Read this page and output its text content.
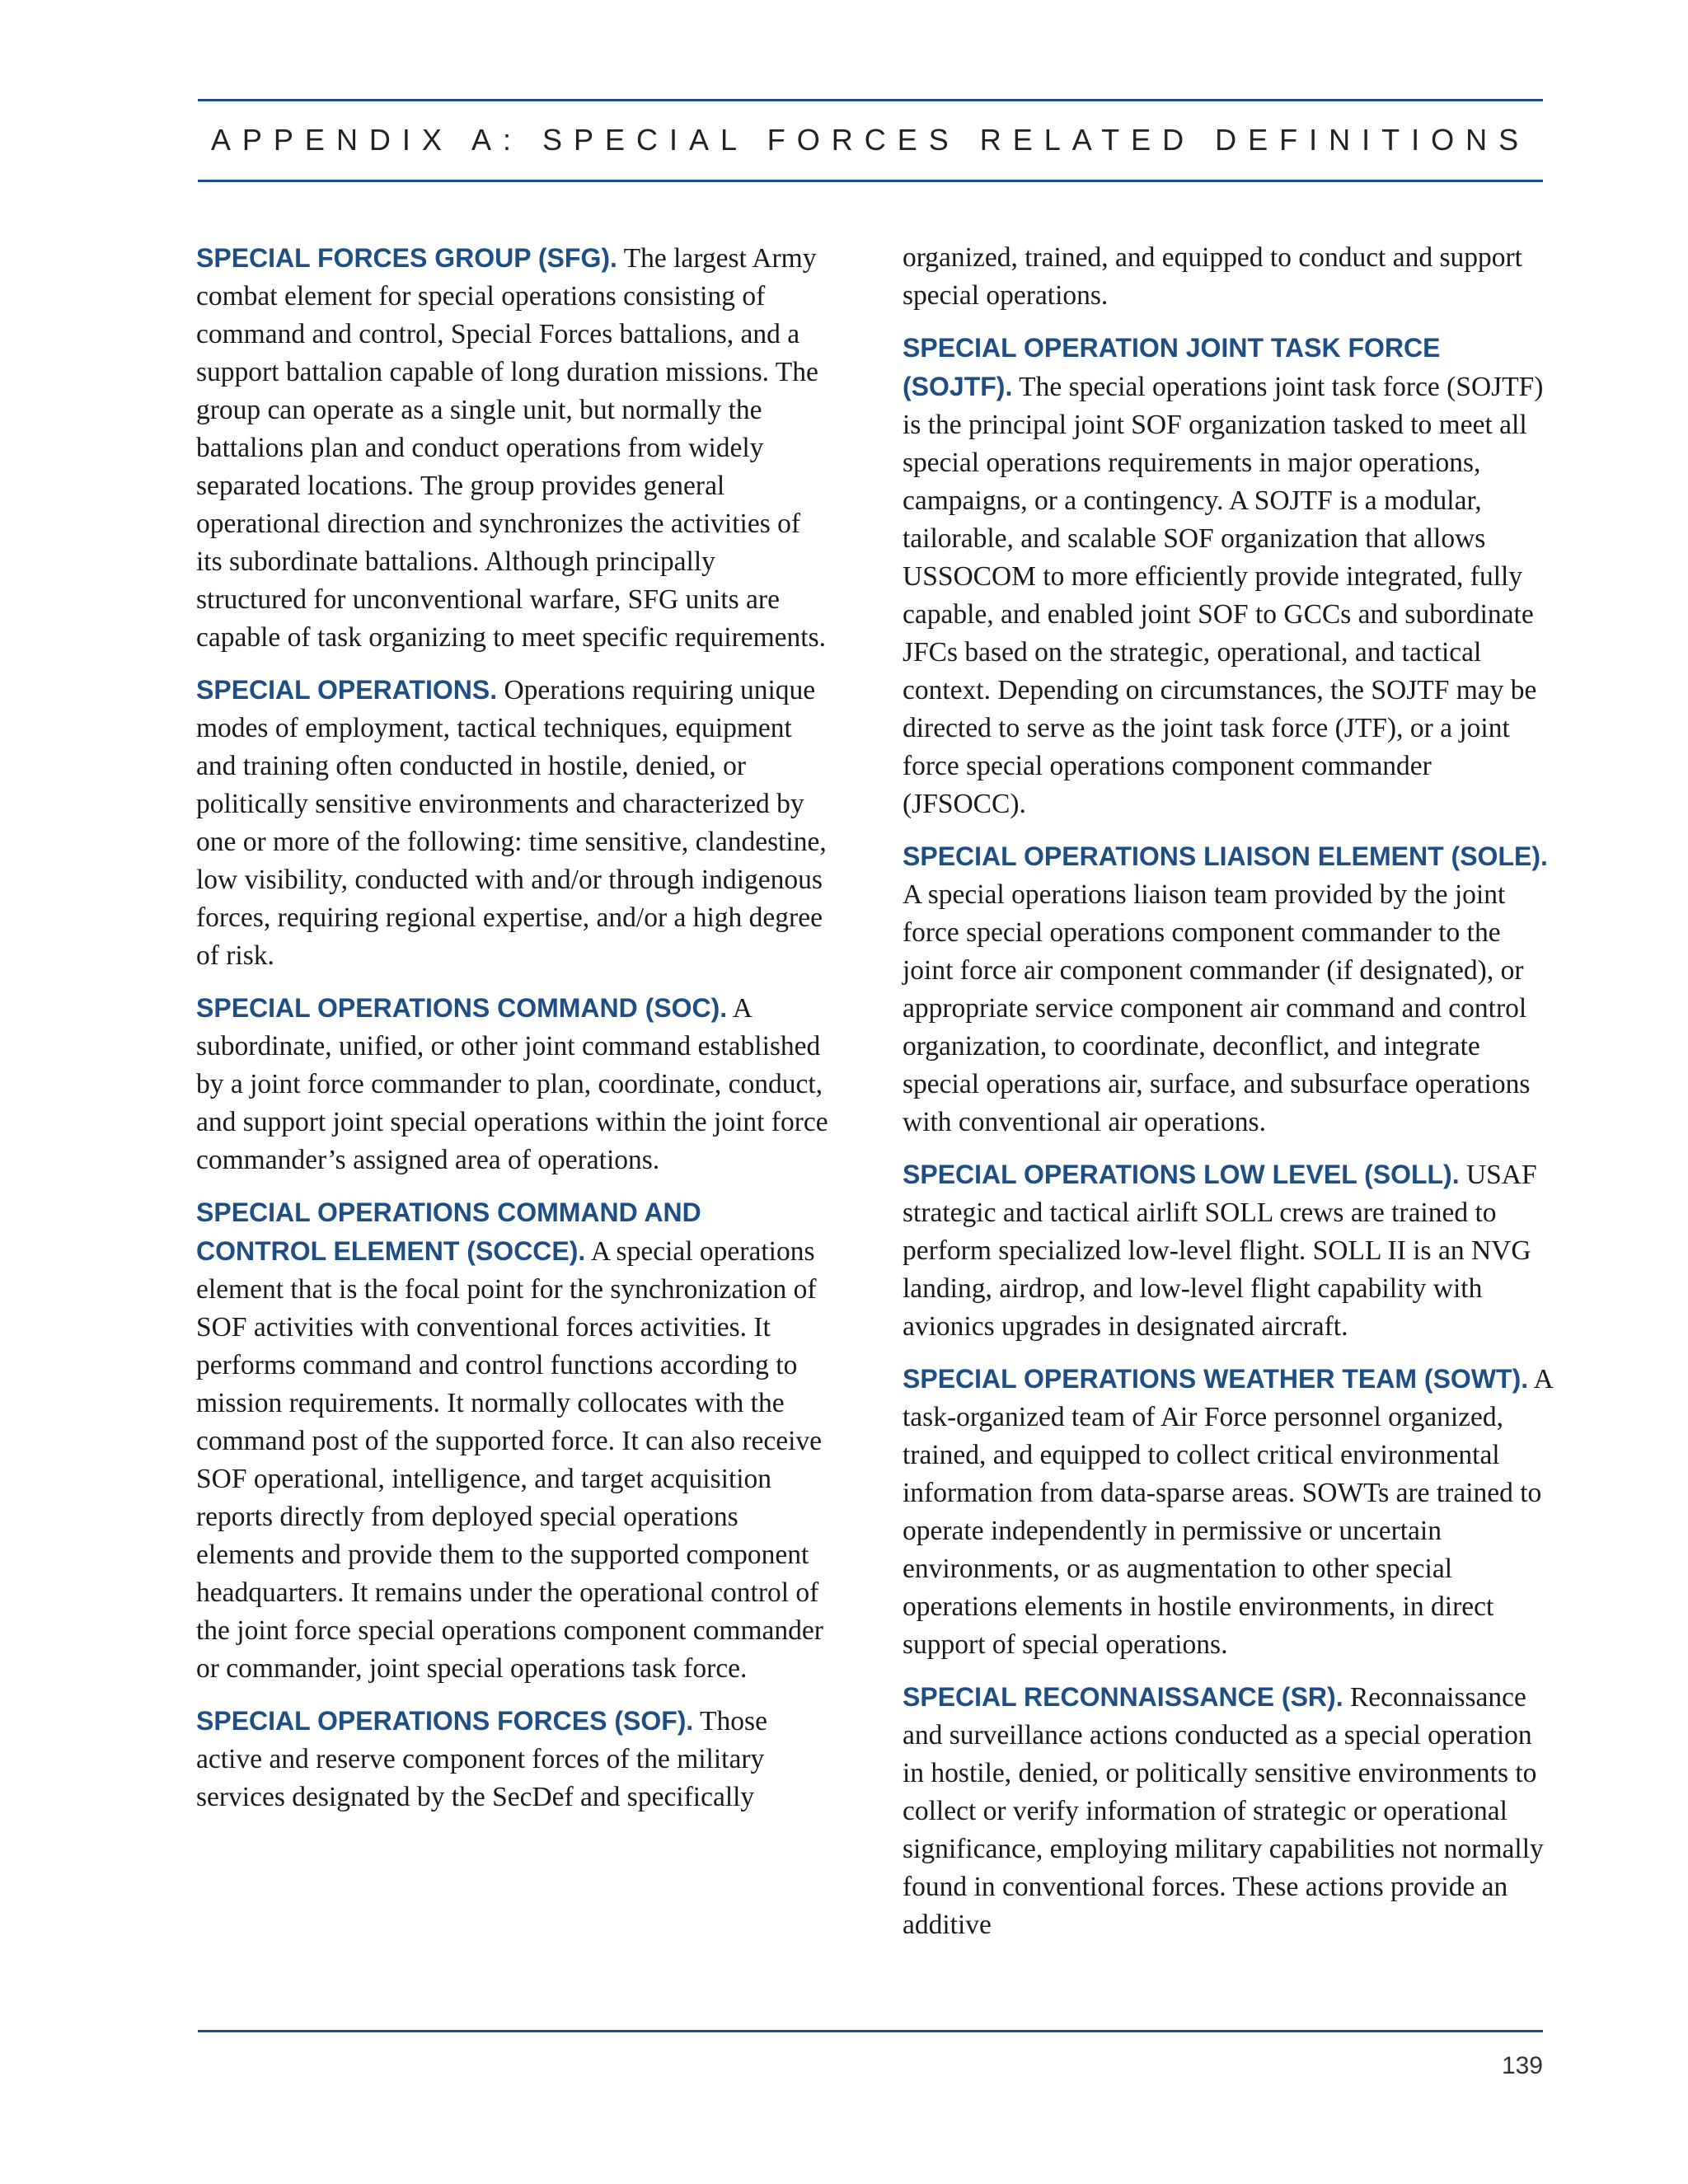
APPENDIX A: SPECIAL FORCES RELATED DEFINITIONS

SPECIAL FORCES GROUP (SFG). The largest Army combat element for special operations consisting of command and control, Special Forces battalions, and a support battalion capable of long duration missions. The group can operate as a single unit, but normally the battalions plan and conduct operations from widely separated locations. The group provides general operational direction and synchronizes the activities of its subordinate battalions. Although principally structured for unconventional warfare, SFG units are capable of task organizing to meet specific requirements.

SPECIAL OPERATIONS. Operations requiring unique modes of employment, tactical techniques, equipment and training often conducted in hostile, denied, or politically sensitive environments and characterized by one or more of the following: time sensitive, clandestine, low visibility, conducted with and/or through indigenous forces, requiring regional expertise, and/or a high degree of risk.

SPECIAL OPERATIONS COMMAND (SOC). A subordinate, unified, or other joint command established by a joint force commander to plan, coordinate, conduct, and support joint special operations within the joint force commander’s assigned area of operations.

SPECIAL OPERATIONS COMMAND AND CONTROL ELEMENT (SOCCE). A special operations element that is the focal point for the synchronization of SOF activities with conventional forces activities. It performs command and control functions according to mission requirements. It normally collocates with the command post of the supported force. It can also receive SOF operational, intelligence, and target acquisition reports directly from deployed special operations elements and provide them to the supported component headquarters. It remains under the operational control of the joint force special operations component commander or commander, joint special operations task force.

SPECIAL OPERATIONS FORCES (SOF). Those active and reserve component forces of the military services designated by the SecDef and specifically

organized, trained, and equipped to conduct and support special operations.

SPECIAL OPERATION JOINT TASK FORCE (SOJTF). The special operations joint task force (SOJTF) is the principal joint SOF organization tasked to meet all special operations requirements in major operations, campaigns, or a contingency. A SOJTF is a modular, tailorable, and scalable SOF organization that allows USSOCOM to more efficiently provide integrated, fully capable, and enabled joint SOF to GCCs and subordinate JFCs based on the strategic, operational, and tactical context. Depending on circumstances, the SOJTF may be directed to serve as the joint task force (JTF), or a joint force special operations component commander (JFSOCC).

SPECIAL OPERATIONS LIAISON ELEMENT (SOLE). A special operations liaison team provided by the joint force special operations component commander to the joint force air component commander (if designated), or appropriate service component air command and control organization, to coordinate, deconflict, and integrate special operations air, surface, and subsurface operations with conventional air operations.

SPECIAL OPERATIONS LOW LEVEL (SOLL). USAF strategic and tactical airlift SOLL crews are trained to perform specialized low-level flight. SOLL II is an NVG landing, airdrop, and low-level flight capability with avionics upgrades in designated aircraft.

SPECIAL OPERATIONS WEATHER TEAM (SOWT). A task-organized team of Air Force personnel organized, trained, and equipped to collect critical environmental information from data-sparse areas. SOWTs are trained to operate independently in permissive or uncertain environments, or as augmentation to other special operations elements in hostile environments, in direct support of special operations.

SPECIAL RECONNAISSANCE (SR). Reconnaissance and surveillance actions conducted as a special operation in hostile, denied, or politically sensitive environments to collect or verify information of strategic or operational significance, employing military capabilities not normally found in conventional forces. These actions provide an additive

139
